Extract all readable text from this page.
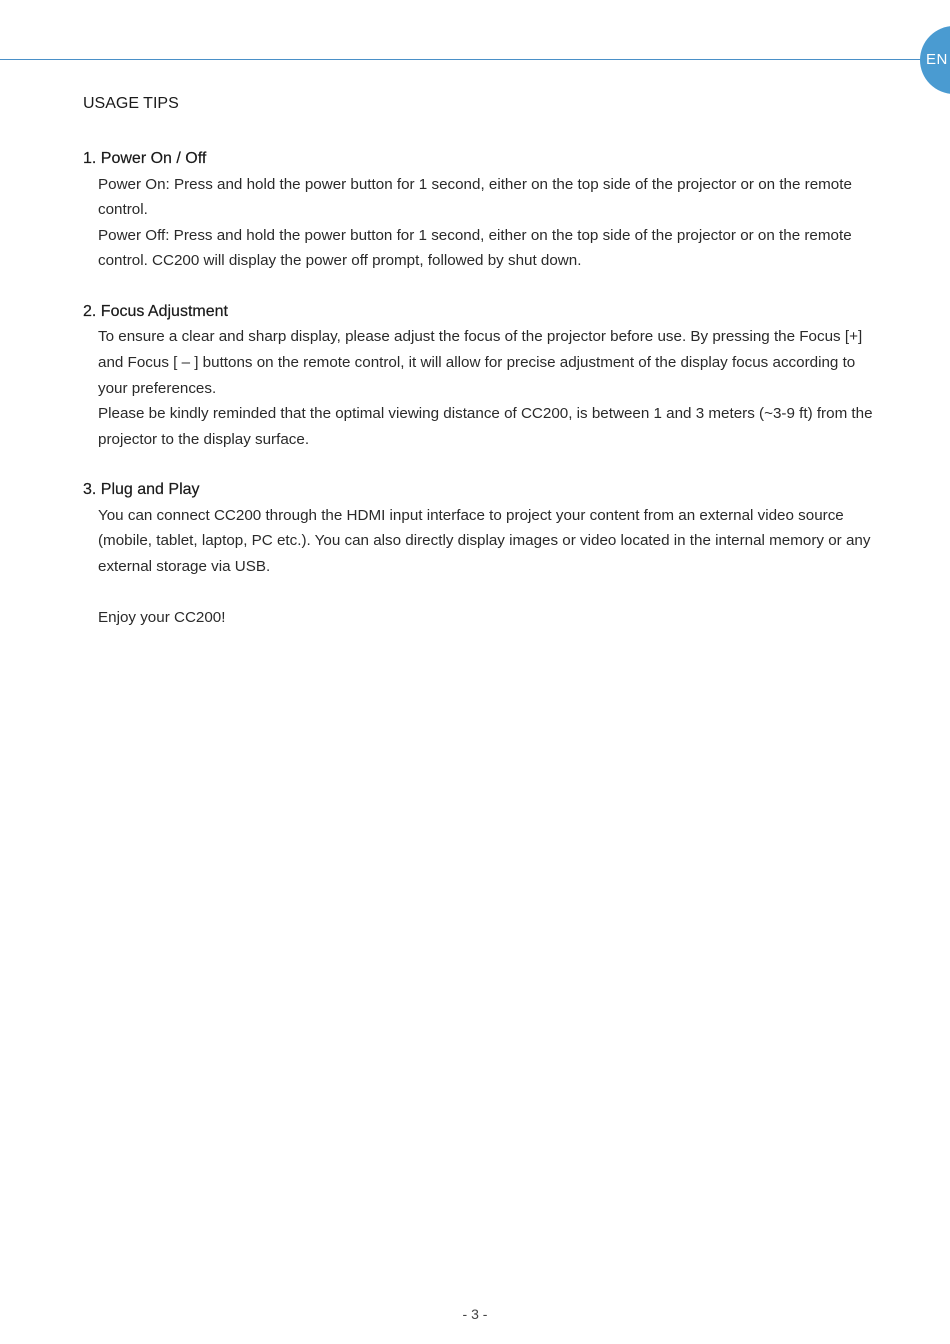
EN
USAGE TIPS
1. Power On / Off

Power On: Press and hold the power button for 1 second, either on the top side of the projector or on the remote control.

Power Off: Press and hold the power button for 1 second, either on the top side of the projector or on the remote control. CC200 will display the power off prompt, followed by shut down.

2. Focus Adjustment

To ensure a clear and sharp display, please adjust the focus of the projector before use. By pressing the Focus [+] and Focus [ – ] buttons on the remote control, it will allow for precise adjustment of the display focus according to your preferences.

Please be kindly reminded that the optimal viewing distance of CC200, is between 1 and 3 meters (~3-9 ft) from the projector to the display surface.

3. Plug and Play

You can connect CC200 through the HDMI input interface to project your content from an external video source (mobile, tablet, laptop, PC etc.). You can also directly display images or video located in the internal memory or any external storage via USB.

Enjoy your CC200!

- 3 -
